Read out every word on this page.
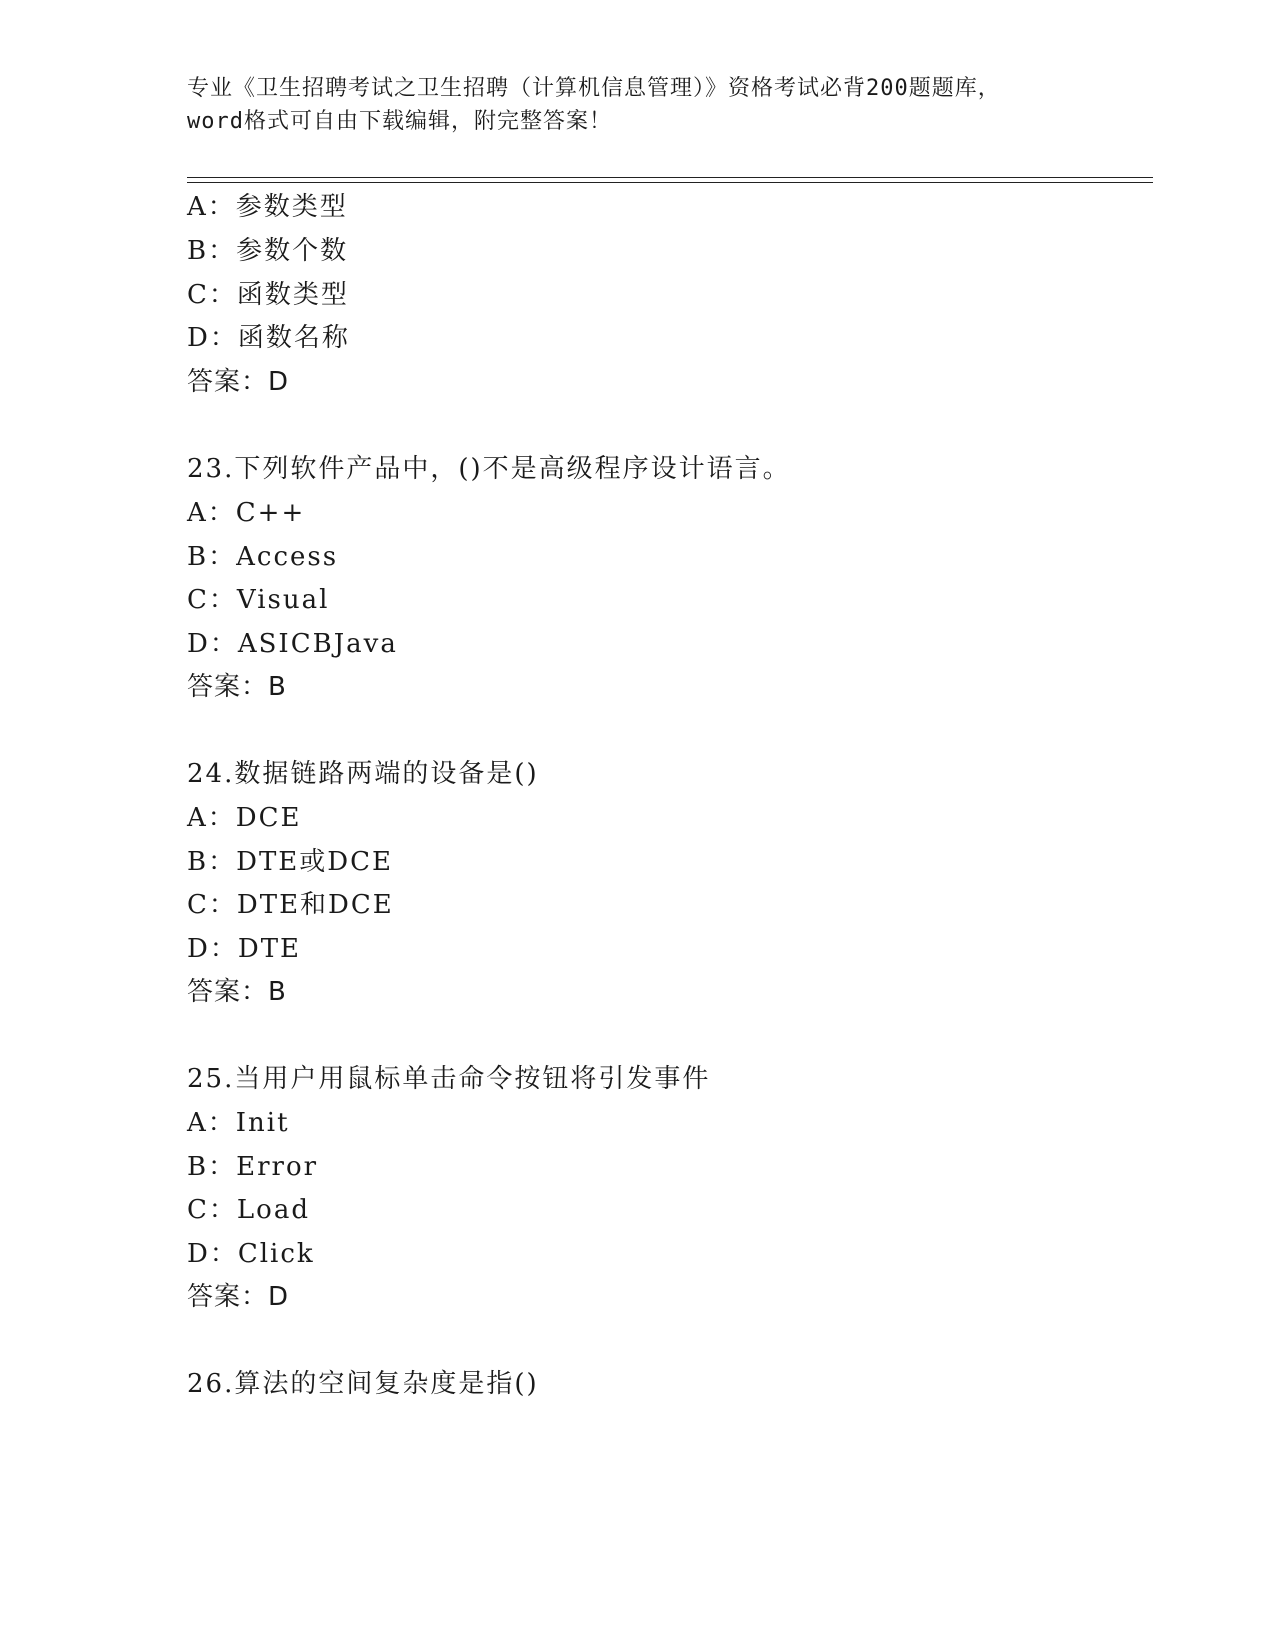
专业《卫生招聘考试之卫生招聘（计算机信息管理）》资格考试必背200题题库，
word格式可自由下载编辑，附完整答案！
A：参数类型
B：参数个数
C：函数类型
D：函数名称
答案：D
23.下列软件产品中，()不是高级程序设计语言。
A：C++
B：Access
C：Visual
D：ASICBJava
答案：B
24.数据链路两端的设备是()
A：DCE
B：DTE或DCE
C：DTE和DCE
D：DTE
答案：B
25.当用户用鼠标单击命令按钮将引发事件
A：Init
B：Error
C：Load
D：Click
答案：D
26.算法的空间复杂度是指()
